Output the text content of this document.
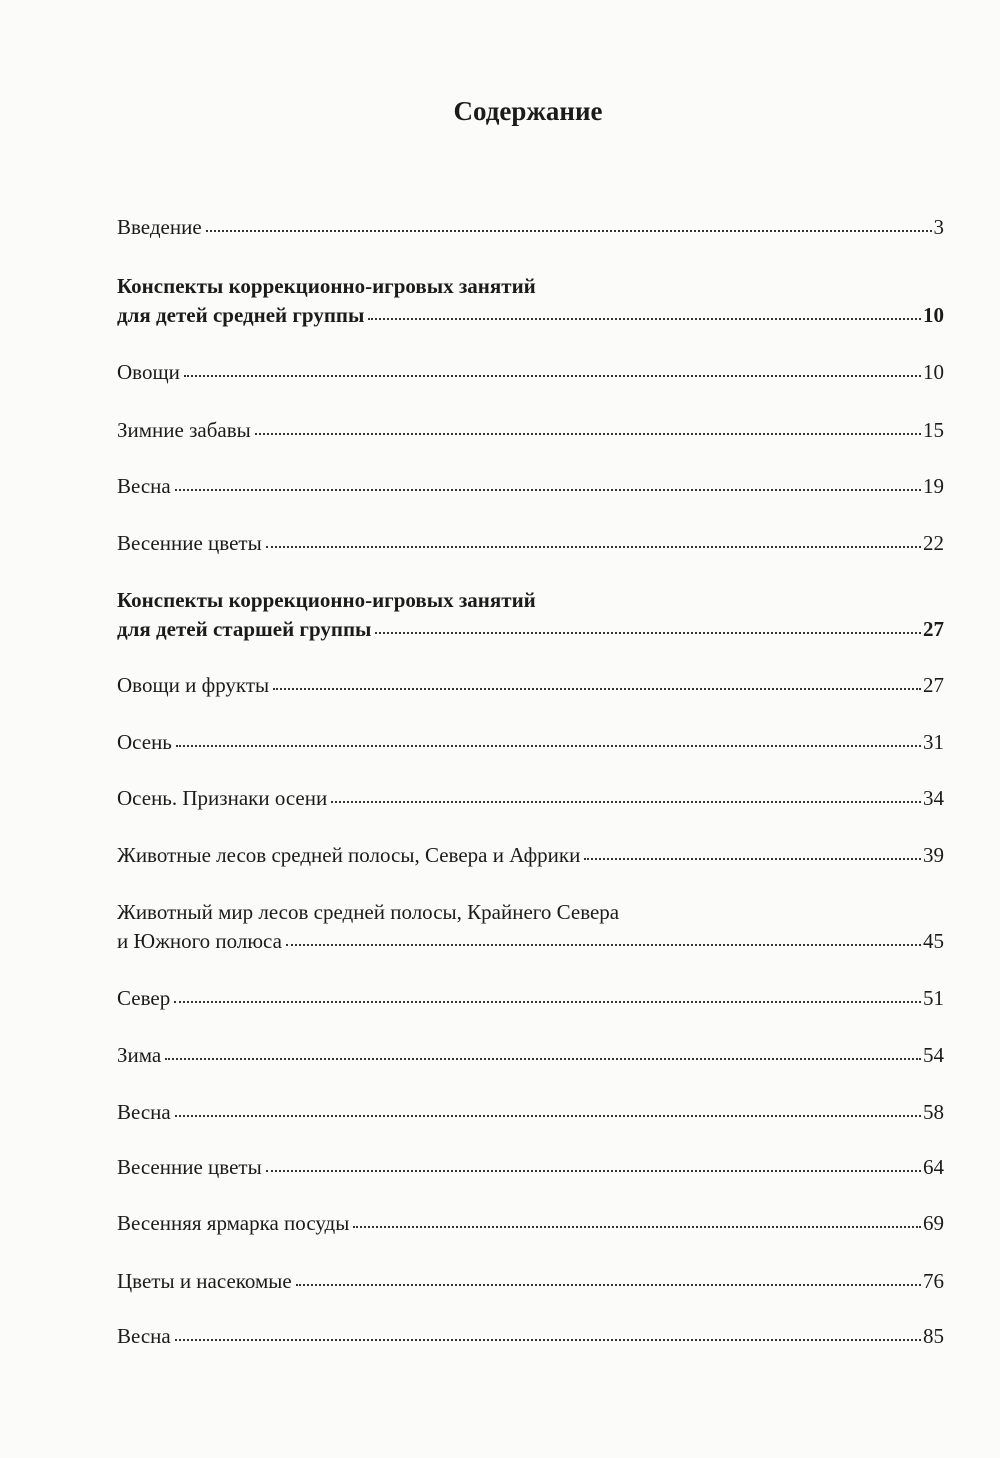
Содержание
Введение	3
Конспекты коррекционно-игровых занятий
для детей средней группы	10
Овощи	10
Зимние забавы	15
Весна	19
Весенние цветы	22
Конспекты коррекционно-игровых занятий
для детей старшей группы	27
Овощи и фрукты	27
Осень	31
Осень. Признаки осени	34
Животные лесов средней полосы, Севера и Африки	39
Животный мир лесов средней полосы, Крайнего Севера
и Южного полюса	45
Север	51
Зима	54
Весна	58
Весенние цветы	64
Весенняя ярмарка посуды	69
Цветы и насекомые	76
Весна	85
